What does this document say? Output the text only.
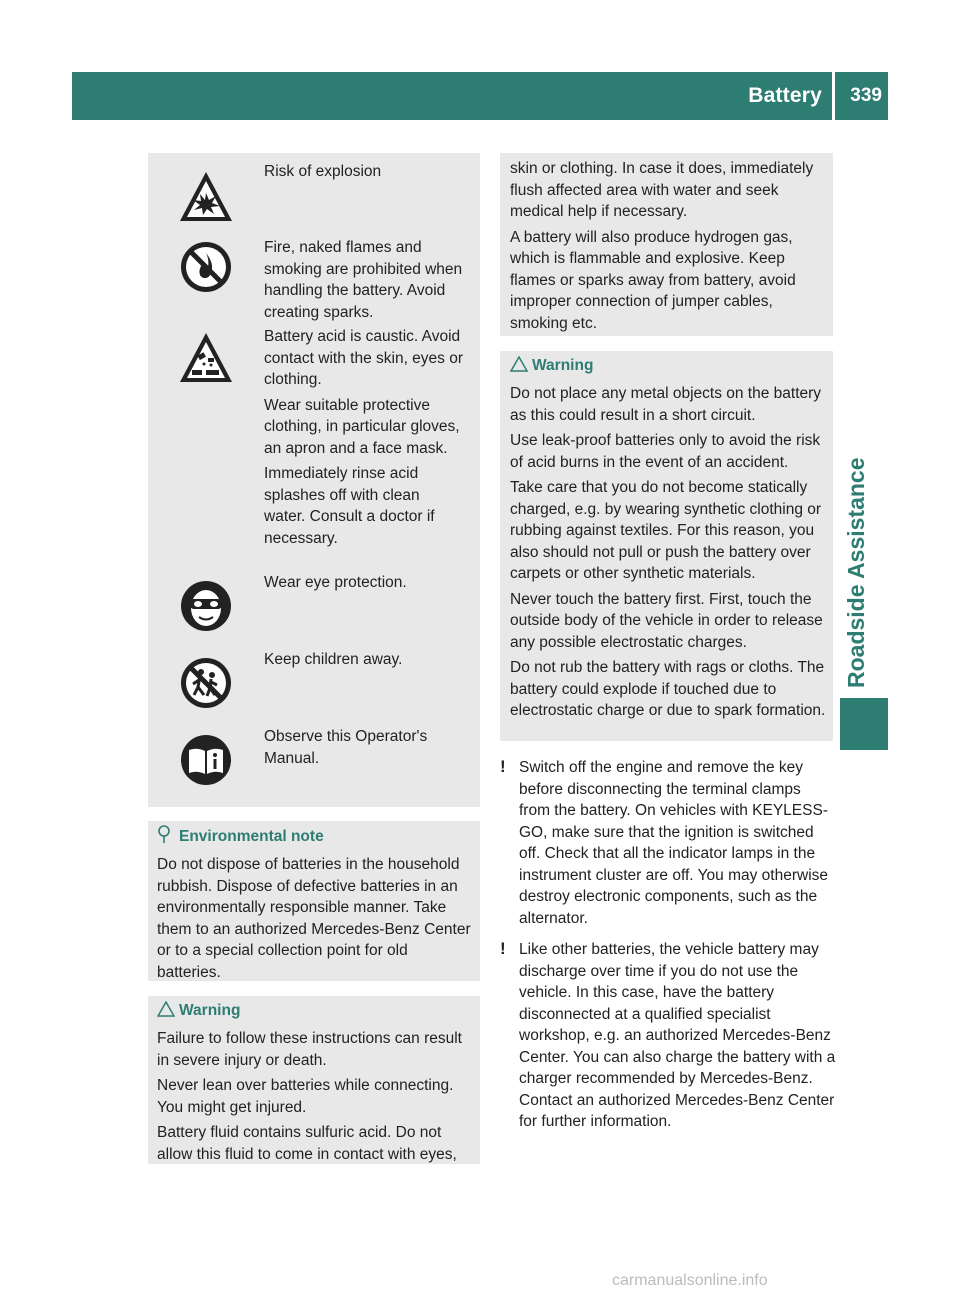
Battery 339
Roadside Assistance

Risk of explosion

Fire, naked flames and smoking are prohibited when handling the battery. Avoid creating sparks.

Battery acid is caustic. Avoid contact with the skin, eyes or clothing.

Wear suitable protective clothing, in particular gloves, an apron and a face mask.

Immediately rinse acid splashes off with clean water. Consult a doctor if necessary.

Wear eye protection.

Keep children away.

Observe this Operator's Manual.

Environmental note

Do not dispose of batteries in the household rubbish. Dispose of defective batteries in an environmentally responsible manner. Take them to an authorized Mercedes-Benz Center or to a special collection point for old batteries.

Warning

Failure to follow these instructions can result in severe injury or death.

Never lean over batteries while connecting. You might get injured.

Battery fluid contains sulfuric acid. Do not allow this fluid to come in contact with eyes,

skin or clothing. In case it does, immediately flush affected area with water and seek medical help if necessary.

A battery will also produce hydrogen gas, which is flammable and explosive. Keep flames or sparks away from battery, avoid improper connection of jumper cables, smoking etc.

Warning

Do not place any metal objects on the battery as this could result in a short circuit.

Use leak-proof batteries only to avoid the risk of acid burns in the event of an accident.

Take care that you do not become statically charged, e.g. by wearing synthetic clothing or rubbing against textiles. For this reason, you also should not pull or push the battery over carpets or other synthetic materials.

Never touch the battery first. First, touch the outside body of the vehicle in order to release any possible electrostatic charges.

Do not rub the battery with rags or cloths. The battery could explode if touched due to electrostatic charge or due to spark formation.

! Switch off the engine and remove the key before disconnecting the terminal clamps from the battery. On vehicles with KEYLESS-GO, make sure that the ignition is switched off. Check that all the indicator lamps in the instrument cluster are off. You may otherwise destroy electronic components, such as the alternator.
! Like other batteries, the vehicle battery may discharge over time if you do not use the vehicle. In this case, have the battery disconnected at a qualified specialist workshop, e.g. an authorized Mercedes-Benz Center. You can also charge the battery with a charger recommended by Mercedes-Benz. Contact an authorized Mercedes-Benz Center for further information.
carmanualsonline.info
